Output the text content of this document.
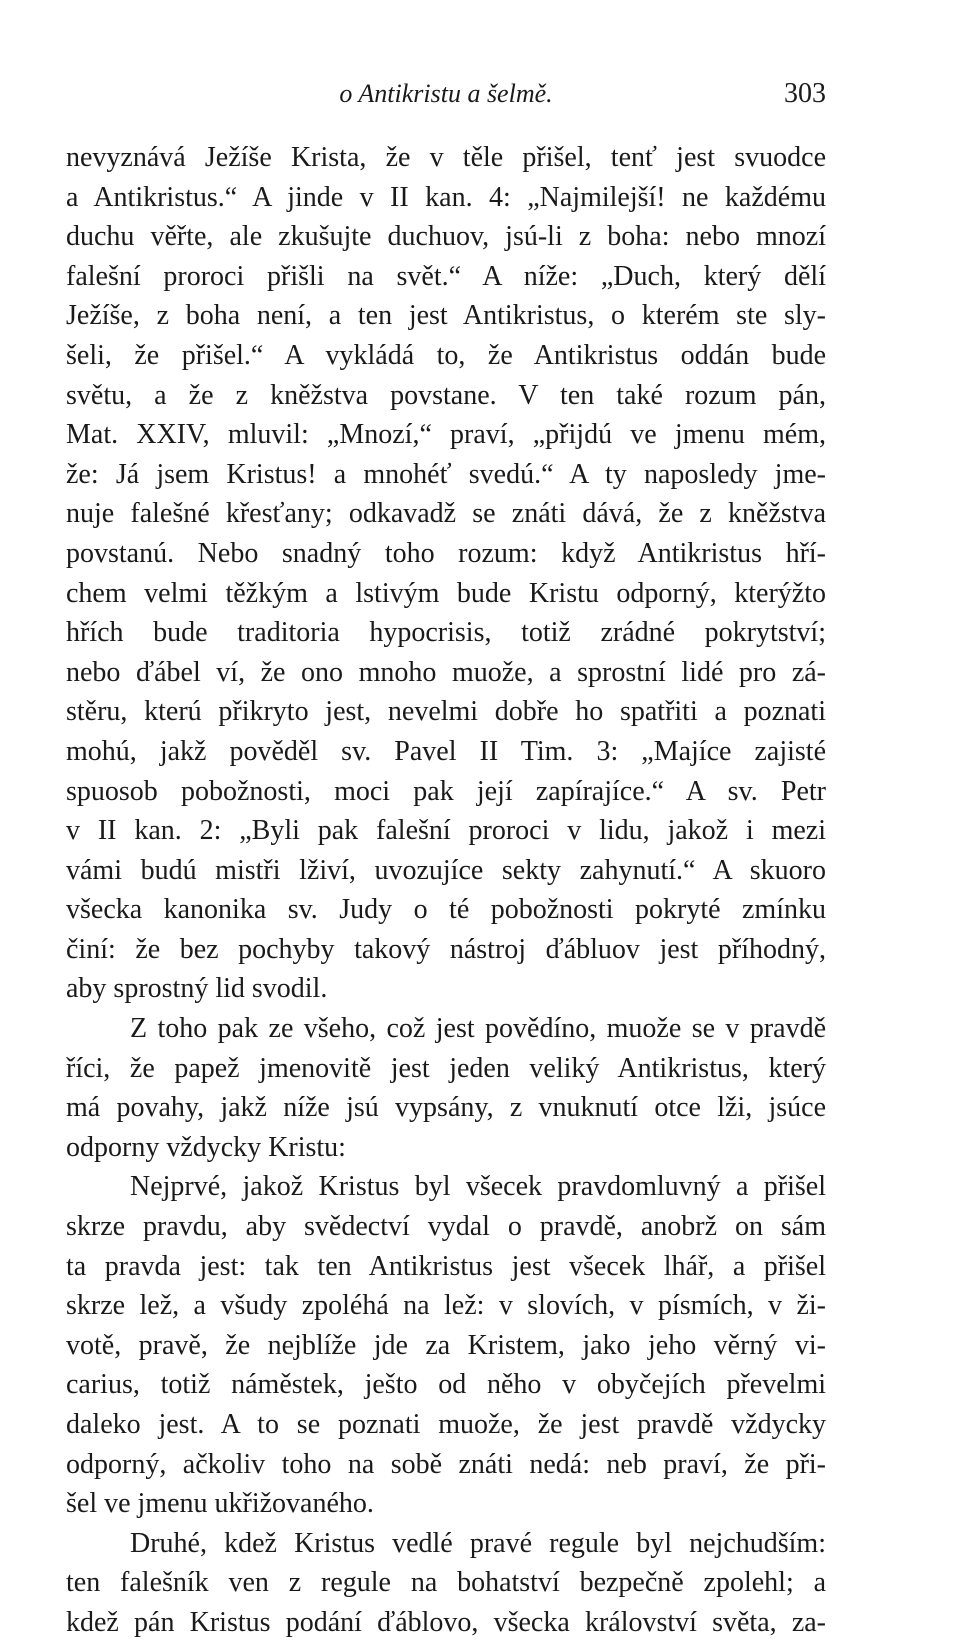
o Antikristu a šelmě.	303
nevyznává Ježíše Krista, že v těle přišel, tenť jest svuodce
a Antikristus.“ A jinde v II kan. 4: „Najmilejší! ne každému
duchu věřte, ale zkušujte duchuov, jsú-li z boha: nebo mnozí
falešní proroci přišli na svět.“ A níže: „Duch, který dělí
Ježíše, z boha není, a ten jest Antikristus, o kterém ste sly-
šeli, že přišel.“ A vykládá to, že Antikristus oddán bude
světu, a že z kněžstva povstane. V ten také rozum pán,
Mat. XXIV, mluvil: „Mnozí,“ praví, „přijdú ve jmenu mém,
že: Já jsem Kristus! a mnohéť svedú.“ A ty naposledy jme-
nuje falešné křesťany; odkavadž se znáti dává, že z kněžstva
povstanú. Nebo snadný toho rozum: když Antikristus hří-
chem velmi těžkým a lstivým bude Kristu odporný, kterýžto
hřích bude traditoria hypocrisis, totiž zrádné pokrytství;
nebo ďábel ví, že ono mnoho muože, a sprostní lidé pro zá-
stěru, kterú přikryto jest, nevelmi dobře ho spatřiti a poznati
mohú, jakž pověděl sv. Pavel II Tim. 3: „Majíce zajisté
spuosob pobožnosti, moci pak její zapírajíce.“ A sv. Petr
v II kan. 2: „Byli pak falešní proroci v lidu, jakož i mezi
vámi budú mistři lživí, uvozujíce sekty zahynutí.“ A skuoro
všecka kanonika sv. Judy o té pobožnosti pokryté zmínku
činí: že bez pochyby takový nástroj ďábluov jest příhodný,
aby sprostný lid svodil.
Z toho pak ze všeho, což jest povědíno, muože se v pravdě
říci, že papež jmenovitě jest jeden veliký Antikristus, který
má povahy, jakž níže jsú vypsány, z vnuknutí otce lži, jsúce
odporny vždycky Kristu:
Nejprvé, jakož Kristus byl všecek pravdomluvný a přišel
skrze pravdu, aby svědectví vydal o pravdě, anobrž on sám
ta pravda jest: tak ten Antikristus jest všecek lhář, a přišel
skrze lež, a všudy zpoléhá na lež: v slovích, v písmích, v ži-
votě, pravě, že nejblíže jde za Kristem, jako jeho věrný vi-
carius, totiž náměstek, ješto od něho v obyčejích převelmi
daleko jest. A to se poznati muože, že jest pravdě vždycky
odporný, ačkoliv toho na sobě znáti nedá: neb praví, že při-
šel ve jmenu ukřižovaného.
Druhé, kdež Kristus vedlé pravé regule byl nejchudším:
ten falešník ven z regule na bohatství bezpečně zpolehl; a
kdež pán Kristus podání ďáblovo, všecka království světa, za-
